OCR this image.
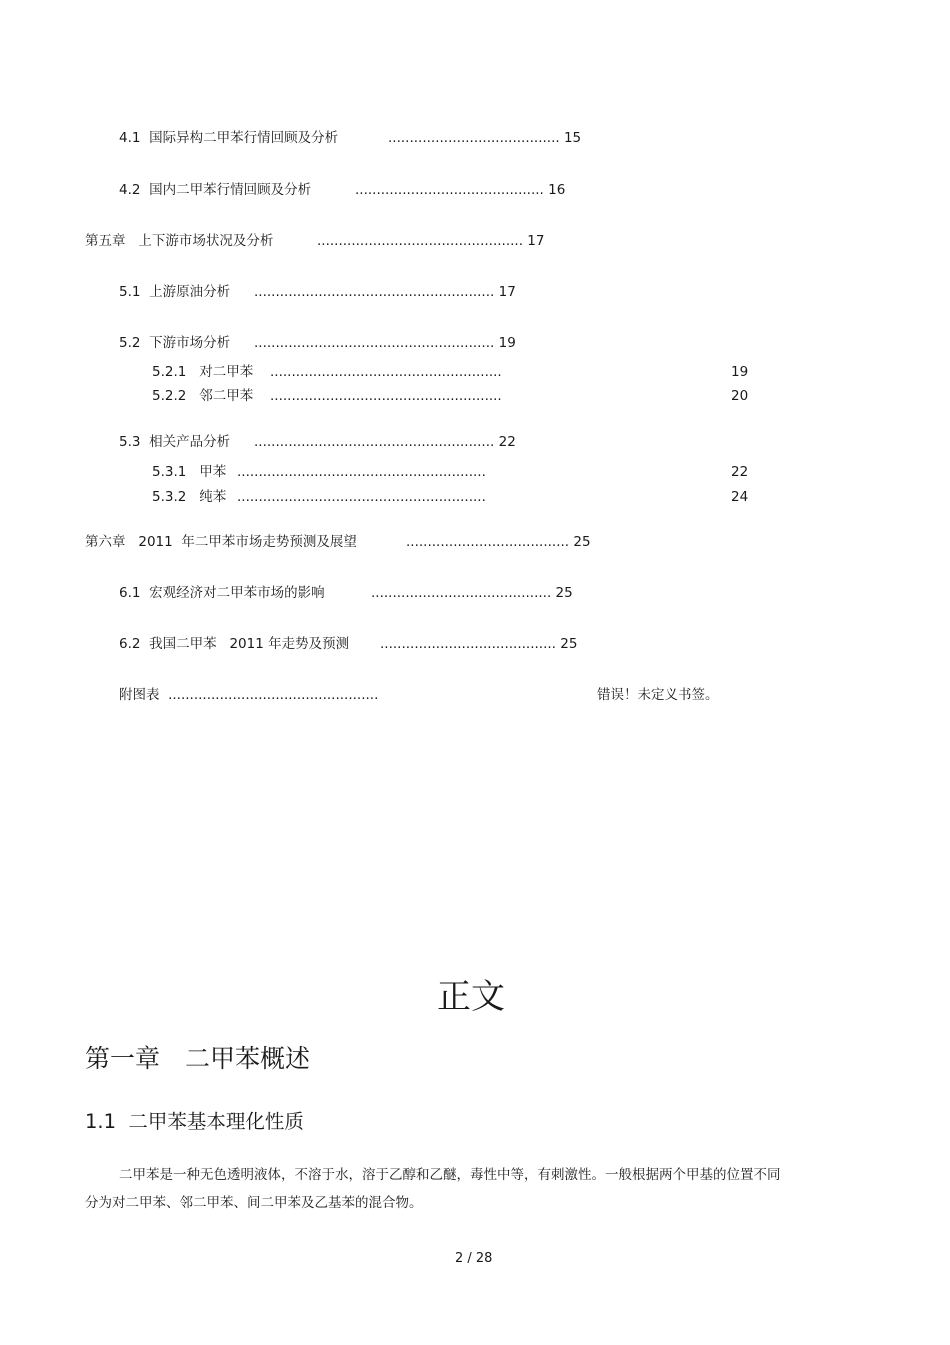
4.1 国际异构二甲苯行情回顾及分析	........................................ 15
4.2 国内二甲苯行情回顾及分析	............................................ 16
第五章 上下游市场状况及分析	................................................ 17
5.1 上游原油分析 ........................................................ 17
5.2 下游市场分析 ........................................................ 19
5.2.1 对二甲苯 ......................................................	19
5.2.2 邻二甲苯 ......................................................	20
5.3 相关产品分析 ........................................................ 22
5.3.1 甲苯 ..........................................................	22
5.3.2 纯苯 ..........................................................	24
第六章 2011 年二甲苯市场走势预测及展望	...................................... 25
6.1 宏观经济对二甲苯市场的影响	.......................................... 25
6.2 我国二甲苯 2011 年走势及预测 ......................................... 25
附图表 .................................................	错误！未定义书签。
正文
第一章　二甲苯概述
1.1 二甲苯基本理化性质
二甲苯是一种无色透明液体，不溶于水，溶于乙醇和乙醚，毒性中等，有刺激性。一般根据两个甲基的位置不同分为对二甲苯、邻二甲苯、间二甲苯及乙基苯的混合物。
2 / 28
